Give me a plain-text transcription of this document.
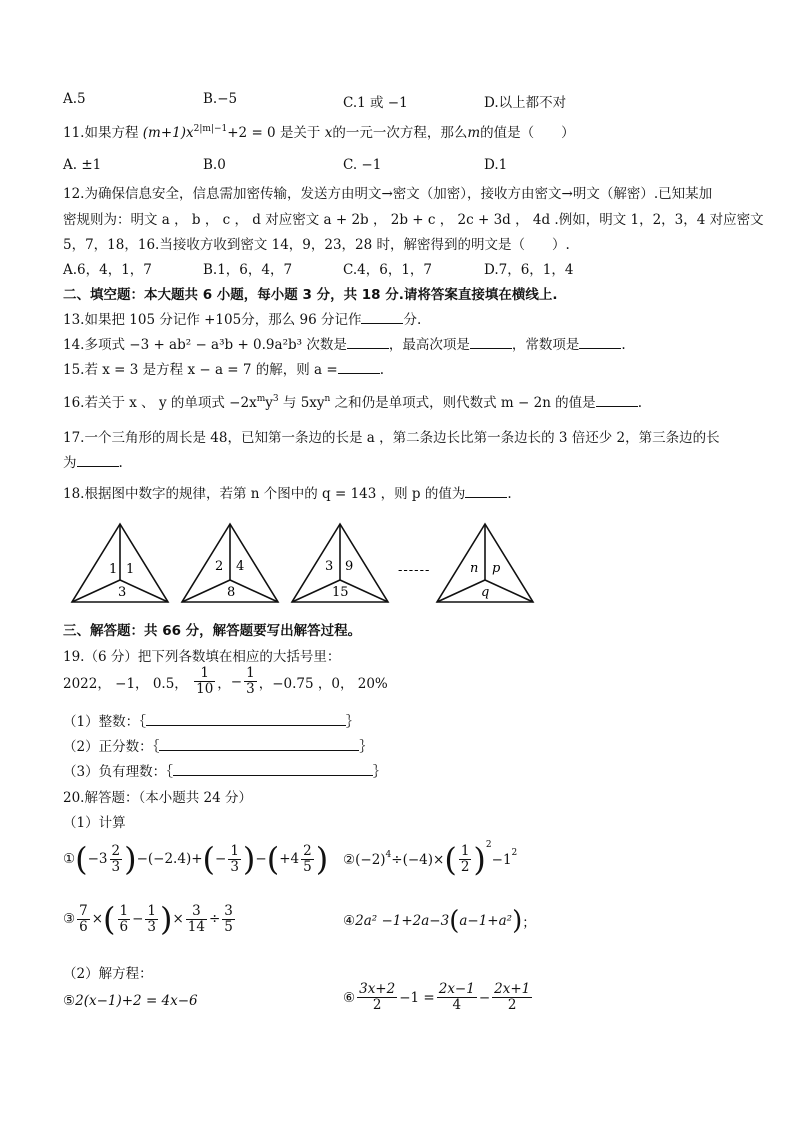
A.5	B.−5	C.1 或 −1	D.以上都不对
11.如果方程 $(m+1)x^{2|m|-1}+2 = 0$ 是关于 x的一元一次方程，那么m的值是（　　）
A. ±1	B.0	C. −1	D.1
12.为确保信息安全，信息需加密传输，发送方由明文→密文（加密），接收方由密文→明文（解密）.已知某加
密规则为：明文 a ， b ， c ， d 对应密文 a + 2b ， 2b + c ， 2c + 3d ， 4d .例如，明文 1，2，3，4 对应密文
5，7，18，16.当接收方收到密文 14，9，23，28 时，解密得到的明文是（　　）.
A.6，4，1，7	B.1，6，4，7	C.4，6，1，7	D.7，6，1，4
二、填空题：本大题共 6 小题，每小题 3 分，共 18 分.请将答案直接填在横线上.
13.如果把 105 分记作 +105分，那么 96 分记作	分.
14.多项式 −3 + ab² − a³b + 0.9a²b³ 次数是	，最高次项是	，常数项是	.
15.若 x = 3 是方程 x − a = 7 的解，则 a =	.
16.若关于 x 、 y 的单项式 $-2x^my^3$ 与 $5xy^n$ 之和仍是单项式，则代数式 m − 2n 的值是	.
17.一个三角形的周长是 48，已知第一条边的长是 a ，第二条边长比第一条边长的 3 倍还少 2，第三条边的长
为	.
18.根据图中数字的规律，若第 n 个图中的 q = 143 ，则 p 的值为	.
1 1
3
2 4
8
3 9
15
------	n p
q
三、解答题：共 66 分，解答题要写出解答过程。
19.（6 分）把下列各数填在相应的大括号里：
2022， −1， 0.5， $\frac{1}{10}$ ，− $\frac{1}{3}$ ，−0.75 ，0， 20%
（1）整数：｛	｝
（2）正分数：｛	｝
（3）负有理数：｛	｝
20.解答题：（本小题共 24 分）
（1）计算
①(−3 $\frac{2}{3} )-(-2.4)+(- \frac{1}{3} )-(+4 \frac{2}{5}$ ) $②(-2)^4\div(-4)\times( \frac{1}{2} )^2-1^2$
③ $\frac{7}{6}$ ×( $\frac{1}{6} - \frac{1}{3}$ )× $\frac{3}{14} \div \frac{3}{5}$	④2a² −1+2a−3(a−1+a²)；
（2）解方程：
⑤2(x−1)+2 = 4x−6	⑥ $\frac{3x+2}{2} -1 = \frac{2x-1}{4} - \frac{2x+1}{2}$
